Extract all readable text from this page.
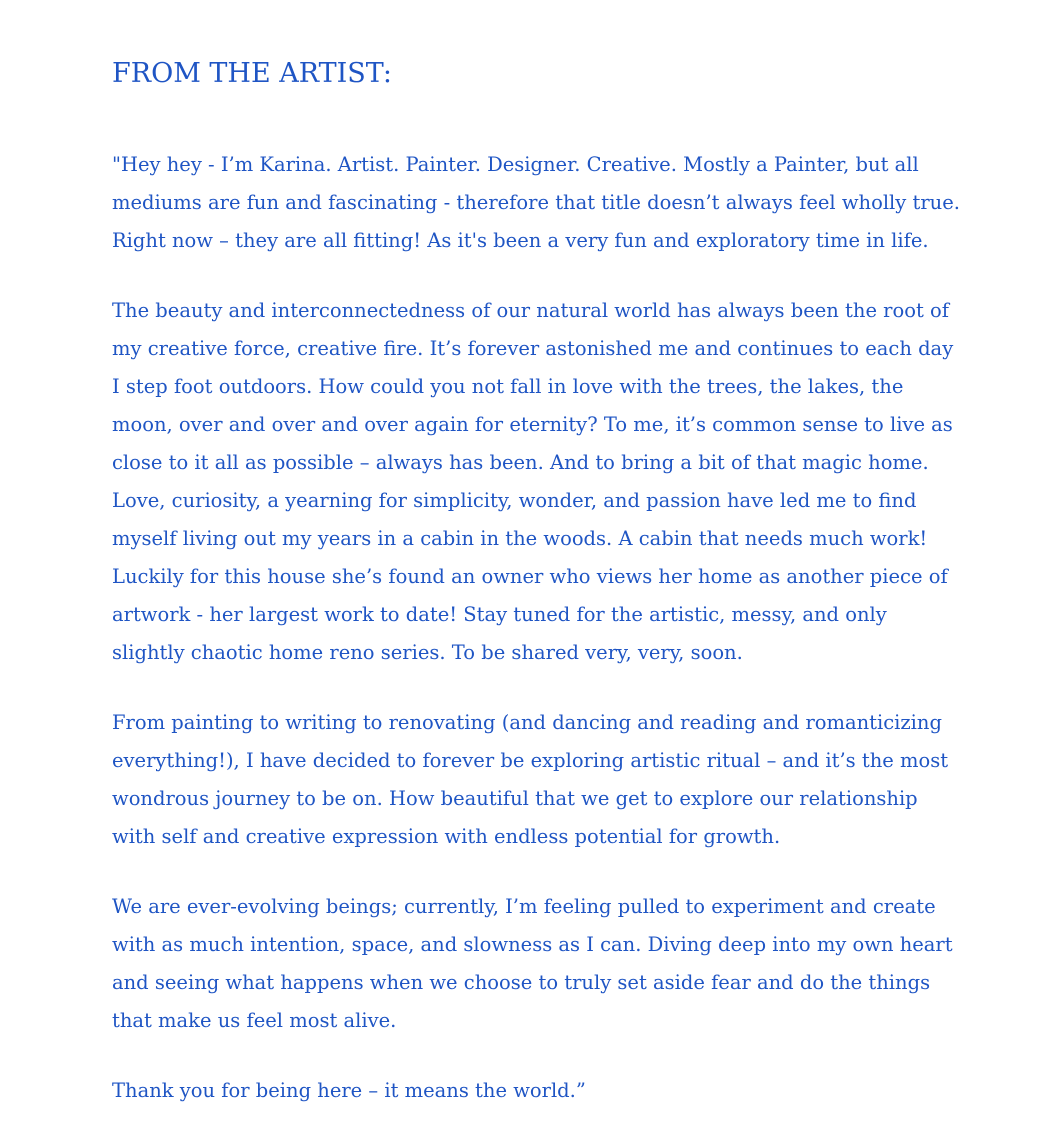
FROM THE ARTIST:

"Hey hey - I’m Karina. Artist. Painter. Designer. Creative. Mostly a Painter, but all mediums are fun and fascinating - therefore that title doesn’t always feel wholly true. Right now – they are all fitting! As it's been a very fun and exploratory time in life.

The beauty and interconnectedness of our natural world has always been the root of my creative force, creative fire. It’s forever astonished me and continues to each day I step foot outdoors. How could you not fall in love with the trees, the lakes, the moon, over and over and over again for eternity? To me, it’s common sense to live as close to it all as possible – always has been. And to bring a bit of that magic home. Love, curiosity, a yearning for simplicity, wonder, and passion have led me to find myself living out my years in a cabin in the woods. A cabin that needs much work! Luckily for this house she’s found an owner who views her home as another piece of artwork - her largest work to date! Stay tuned for the artistic, messy, and only slightly chaotic home reno series. To be shared very, very, soon.

From painting to writing to renovating (and dancing and reading and romanticizing everything!), I have decided to forever be exploring artistic ritual – and it’s the most wondrous journey to be on. How beautiful that we get to explore our relationship with self and creative expression with endless potential for growth.

We are ever-evolving beings; currently, I’m feeling pulled to experiment and create with as much intention, space, and slowness as I can. Diving deep into my own heart and seeing what happens when we choose to truly set aside fear and do the things that make us feel most alive.

Thank you for being here – it means the world.”
